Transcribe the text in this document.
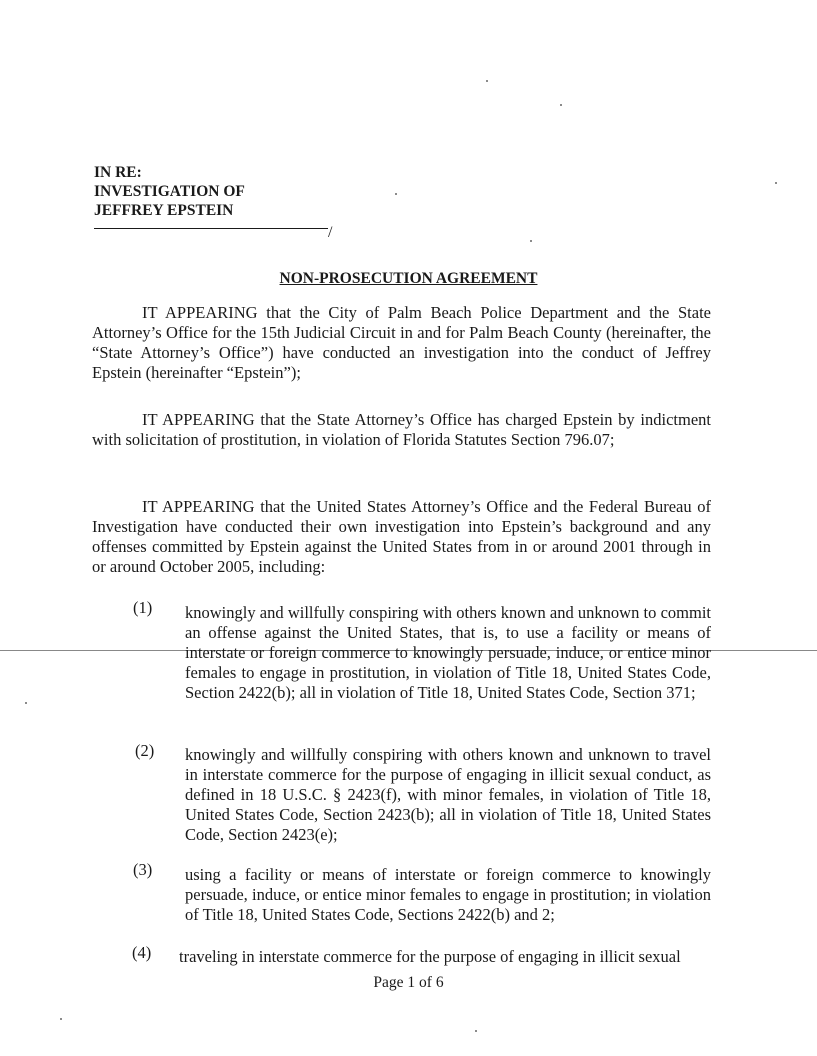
IN RE:
INVESTIGATION OF
JEFFREY EPSTEIN
/
NON-PROSECUTION AGREEMENT
IT APPEARING that the City of Palm Beach Police Department and the State Attorney’s Office for the 15th Judicial Circuit in and for Palm Beach County (hereinafter, the “State Attorney’s Office”) have conducted an investigation into the conduct of Jeffrey Epstein (hereinafter “Epstein”);
IT APPEARING that the State Attorney’s Office has charged Epstein by indictment with solicitation of prostitution, in violation of Florida Statutes Section 796.07;
IT APPEARING that the United States Attorney’s Office and the Federal Bureau of Investigation have conducted their own investigation into Epstein’s background and any offenses committed by Epstein against the United States from in or around 2001 through in or around October 2005, including:
(1)	knowingly and willfully conspiring with others known and unknown to commit an offense against the United States, that is, to use a facility or means of interstate or foreign commerce to knowingly persuade, induce, or entice minor females to engage in prostitution, in violation of Title 18, United States Code, Section 2422(b); all in violation of Title 18, United States Code, Section 371;
(2)	knowingly and willfully conspiring with others known and unknown to travel in interstate commerce for the purpose of engaging in illicit sexual conduct, as defined in 18 U.S.C. § 2423(f), with minor females, in violation of Title 18, United States Code, Section 2423(b); all in violation of Title 18, United States Code, Section 2423(e);
(3)	using a facility or means of interstate or foreign commerce to knowingly persuade, induce, or entice minor females to engage in prostitution; in violation of Title 18, United States Code, Sections 2422(b) and 2;
(4)	traveling in interstate commerce for the purpose of engaging in illicit sexual
Page 1 of 6
